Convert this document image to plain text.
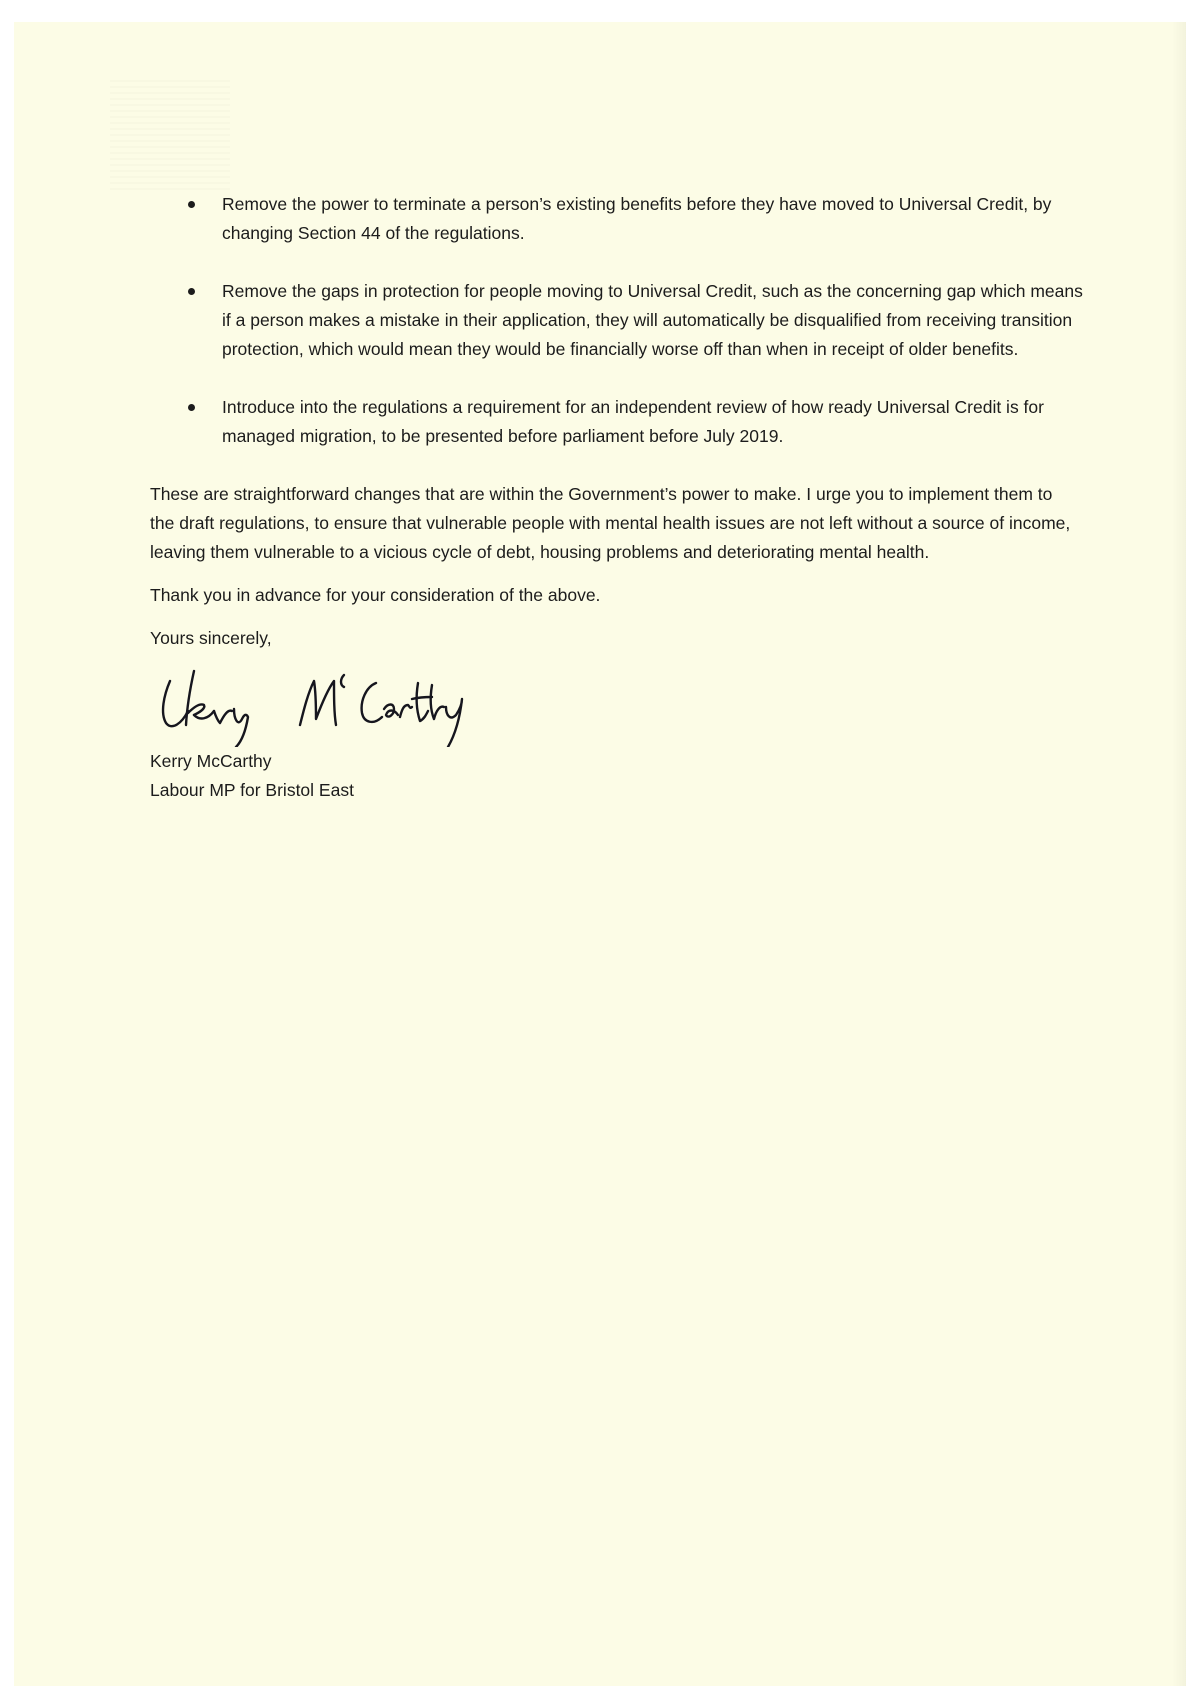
Remove the power to terminate a person’s existing benefits before they have moved to Universal Credit, by changing Section 44 of the regulations.
Remove the gaps in protection for people moving to Universal Credit, such as the concerning gap which means if a person makes a mistake in their application, they will automatically be disqualified from receiving transition protection, which would mean they would be financially worse off than when in receipt of older benefits.
Introduce into the regulations a requirement for an independent review of how ready Universal Credit is for managed migration, to be presented before parliament before July 2019.

These are straightforward changes that are within the Government’s power to make. I urge you to implement them to the draft regulations, to ensure that vulnerable people with mental health issues are not left without a source of income, leaving them vulnerable to a vicious cycle of debt, housing problems and deteriorating mental health.

Thank you in advance for your consideration of the above.

Yours sincerely,

Kerry McCarthy

Labour MP for Bristol East
